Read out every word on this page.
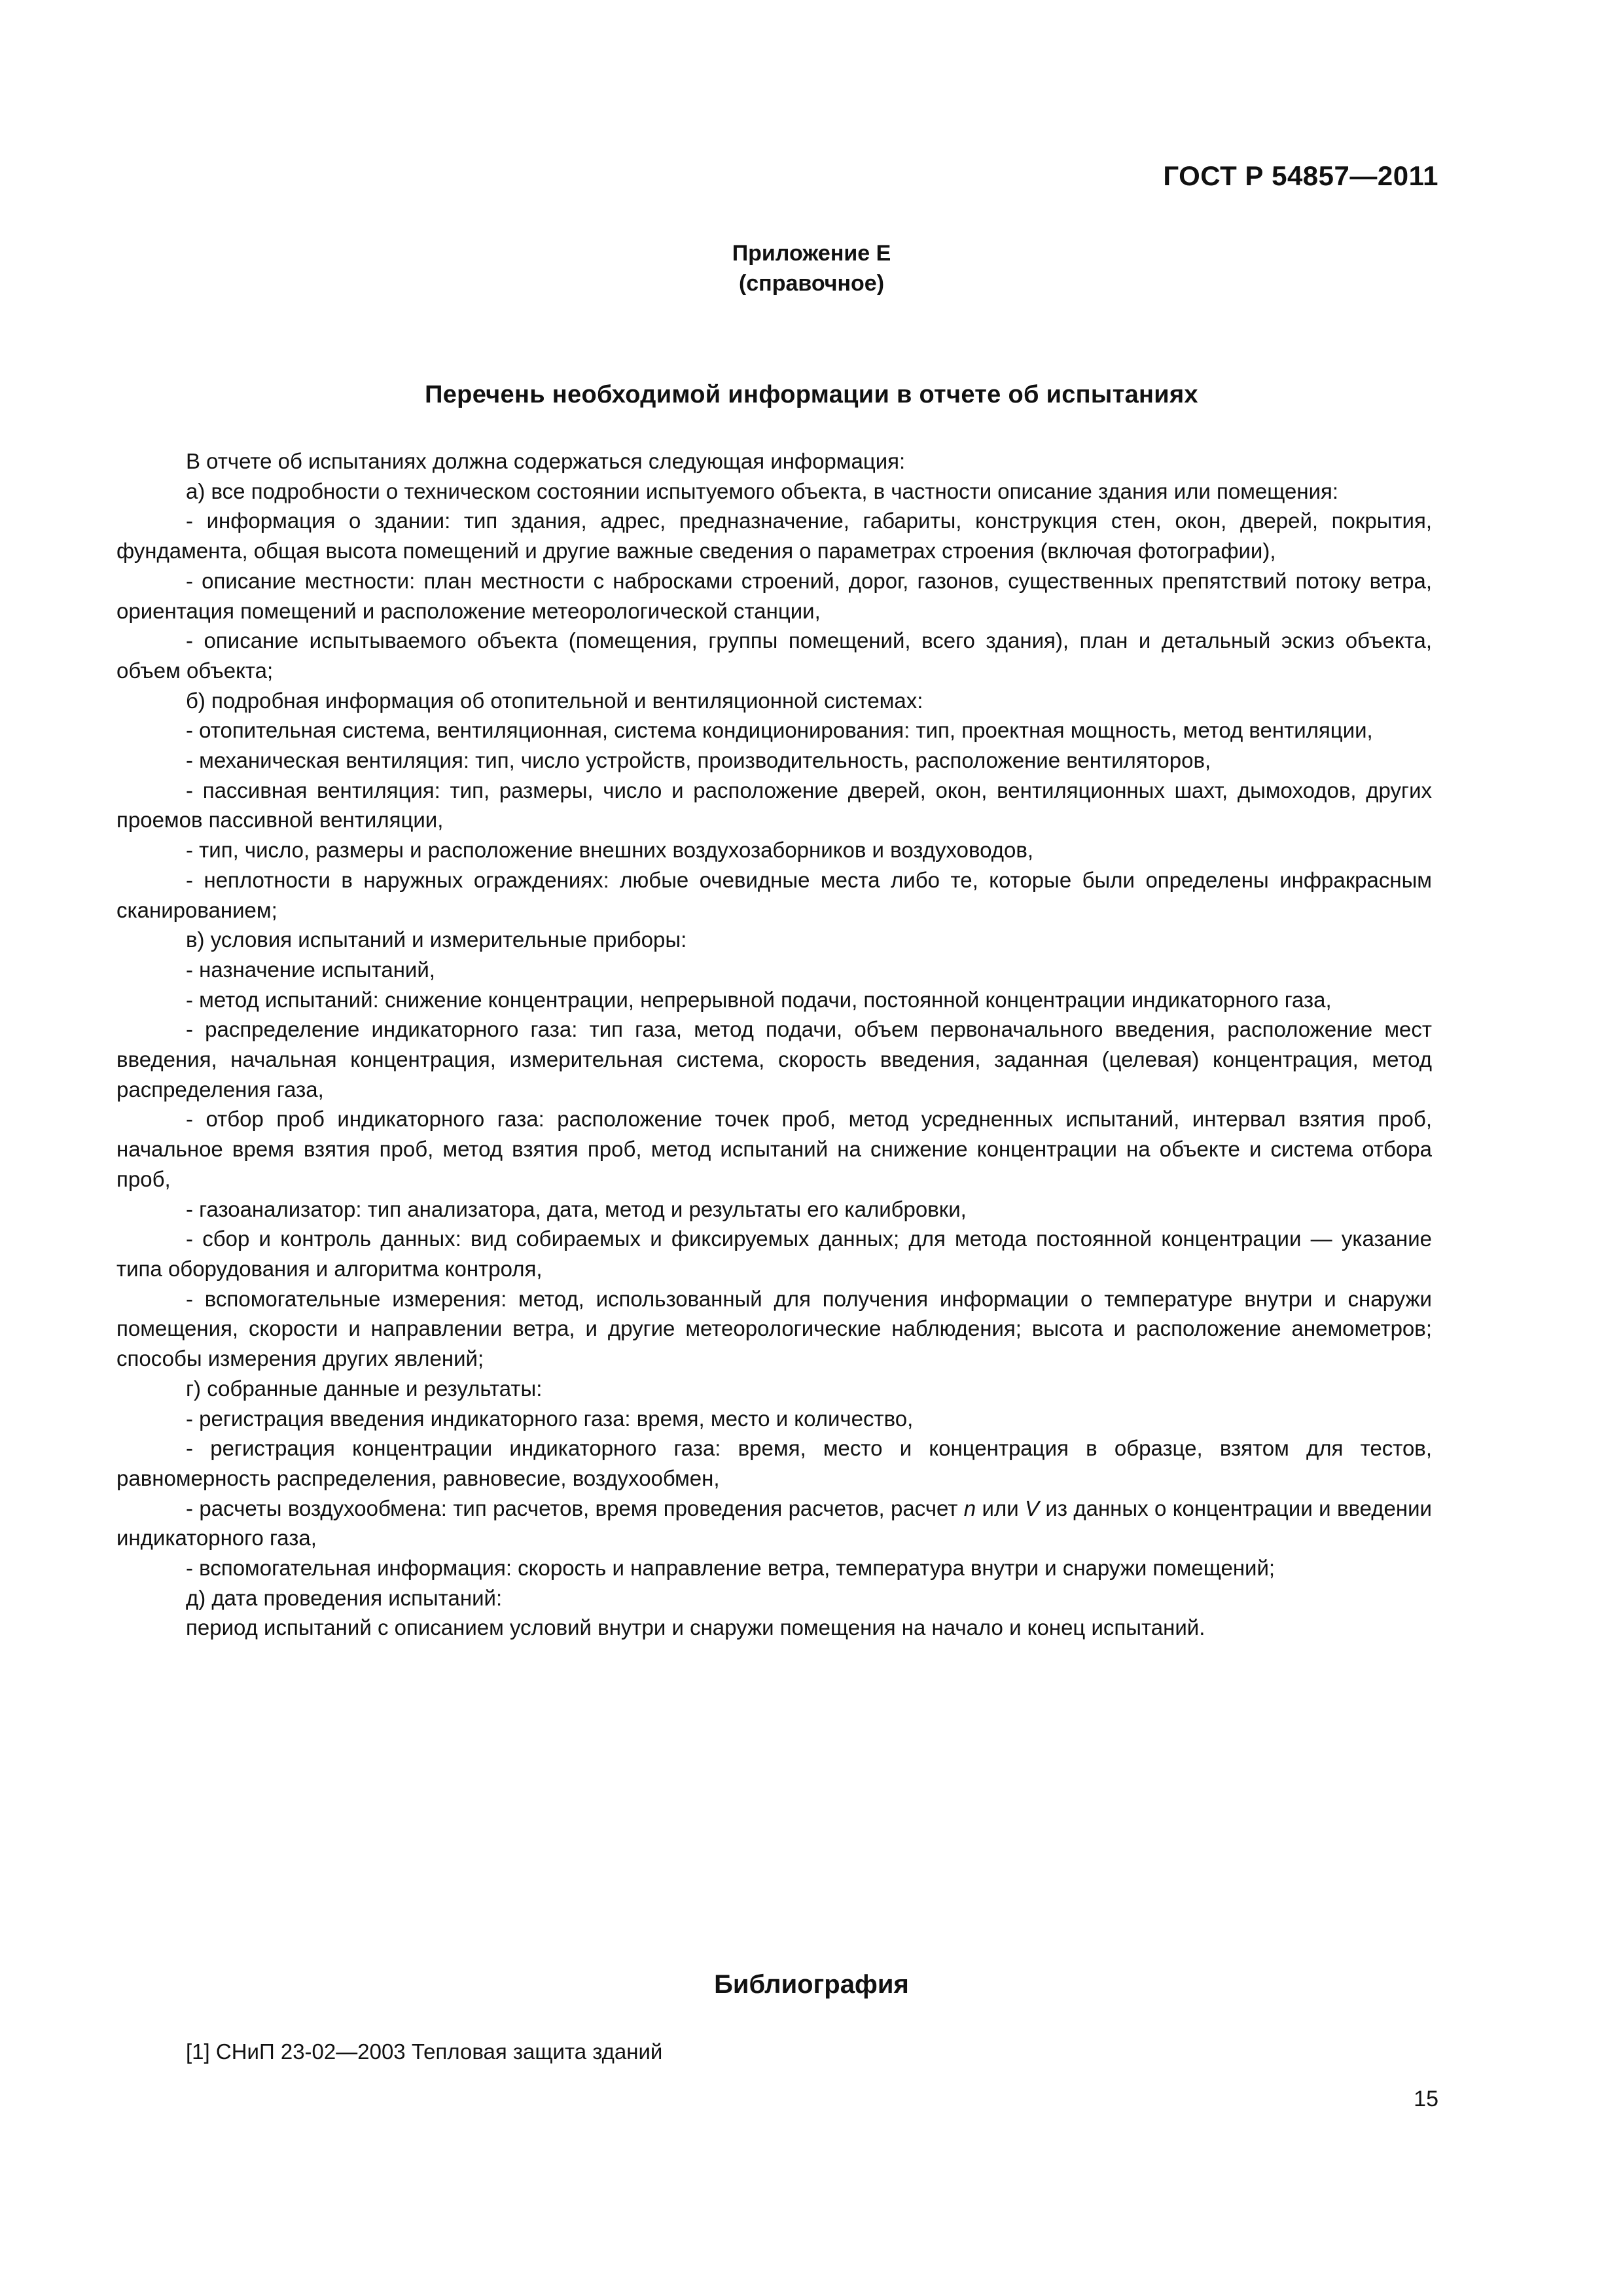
ГОСТ Р 54857—2011
Приложение Е
(справочное)
Перечень необходимой информации в отчете об испытаниях

В отчете об испытаниях должна содержаться следующая информация:

а) все подробности о техническом состоянии испытуемого объекта, в частности описание здания или помещения:

- информация о здании: тип здания, адрес, предназначение, габариты, конструкция стен, окон, дверей, покрытия, фундамента, общая высота помещений и другие важные сведения о параметрах строения (включая фотографии),

- описание местности: план местности с набросками строений, дорог, газонов, существенных препятствий потоку ветра, ориентация помещений и расположение метеорологической станции,

- описание испытываемого объекта (помещения, группы помещений, всего здания), план и детальный эскиз объекта, объем объекта;

б) подробная информация об отопительной и вентиляционной системах:

- отопительная система, вентиляционная, система кондиционирования: тип, проектная мощность, метод вентиляции,

- механическая вентиляция: тип, число устройств, производительность, расположение вентиляторов,

- пассивная вентиляция: тип, размеры, число и расположение дверей, окон, вентиляционных шахт, дымоходов, других проемов пассивной вентиляции,

- тип, число, размеры и расположение внешних воздухозаборников и воздуховодов,

- неплотности в наружных ограждениях: любые очевидные места либо те, которые были определены инфракрасным сканированием;

в) условия испытаний и измерительные приборы:

- назначение испытаний,

- метод испытаний: снижение концентрации, непрерывной подачи, постоянной концентрации индикаторного газа,

- распределение индикаторного газа: тип газа, метод подачи, объем первоначального введения, расположение мест введения, начальная концентрация, измерительная система, скорость введения, заданная (целевая) концентрация, метод распределения газа,

- отбор проб индикаторного газа: расположение точек проб, метод усредненных испытаний, интервал взятия проб, начальное время взятия проб, метод взятия проб, метод испытаний на снижение концентрации на объекте и система отбора проб,

- газоанализатор: тип анализатора, дата, метод и результаты его калибровки,

- сбор и контроль данных: вид собираемых и фиксируемых данных; для метода постоянной концентрации — указание типа оборудования и алгоритма контроля,

- вспомогательные измерения: метод, использованный для получения информации о температуре внутри и снаружи помещения, скорости и направлении ветра, и другие метеорологические наблюдения; высота и расположение анемометров; способы измерения других явлений;

г) собранные данные и результаты:

- регистрация введения индикаторного газа: время, место и количество,

- регистрация концентрации индикаторного газа: время, место и концентрация в образце, взятом для тестов, равномерность распределения, равновесие, воздухообмен,

- расчеты воздухообмена: тип расчетов, время проведения расчетов, расчет n или V из данных о концентрации и введении индикаторного газа,

- вспомогательная информация: скорость и направление ветра, температура внутри и снаружи помещений;

д) дата проведения испытаний:

период испытаний с описанием условий внутри и снаружи помещения на начало и конец испытаний.

Библиография
[1] СНиП 23-02—2003 Тепловая защита зданий
15
